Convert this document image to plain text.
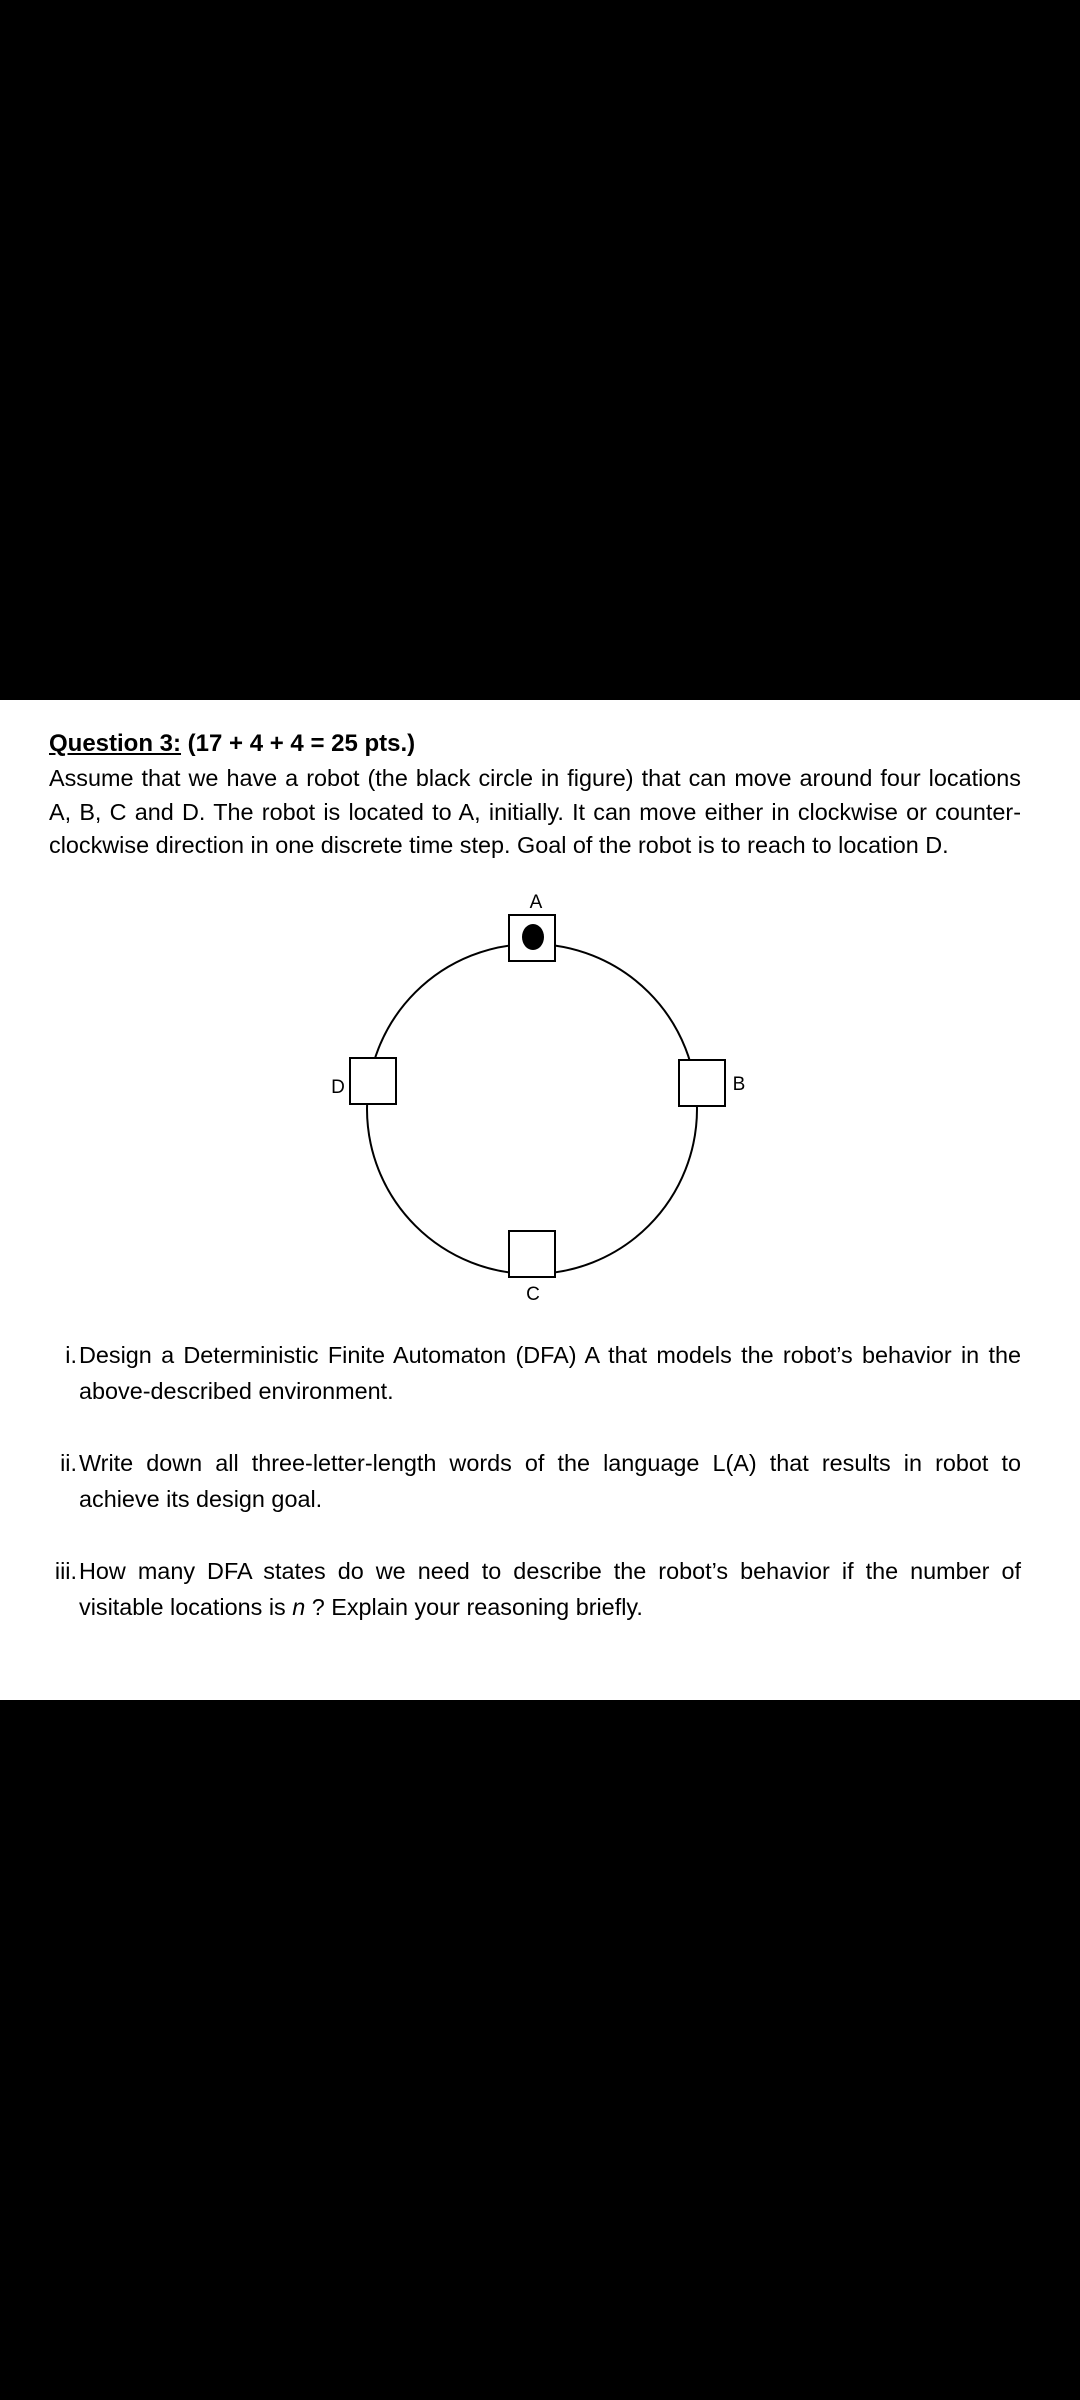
Question 3: (17 + 4 + 4 = 25 pts.)
Assume that we have a robot (the black circle in figure) that can move around four locations A, B, C and D. The robot is located to A, initially. It can move either in clockwise or counter-clockwise direction in one discrete time step. Goal of the robot is to reach to location D.
A
B
C
D
i. Design a Deterministic Finite Automaton (DFA) A that models the robot’s behavior in the above-described environment.
ii. Write down all three-letter-length words of the language L(A) that results in robot to achieve its design goal.
iii. How many DFA states do we need to describe the robot’s behavior if the number of visitable locations is n ? Explain your reasoning briefly.
